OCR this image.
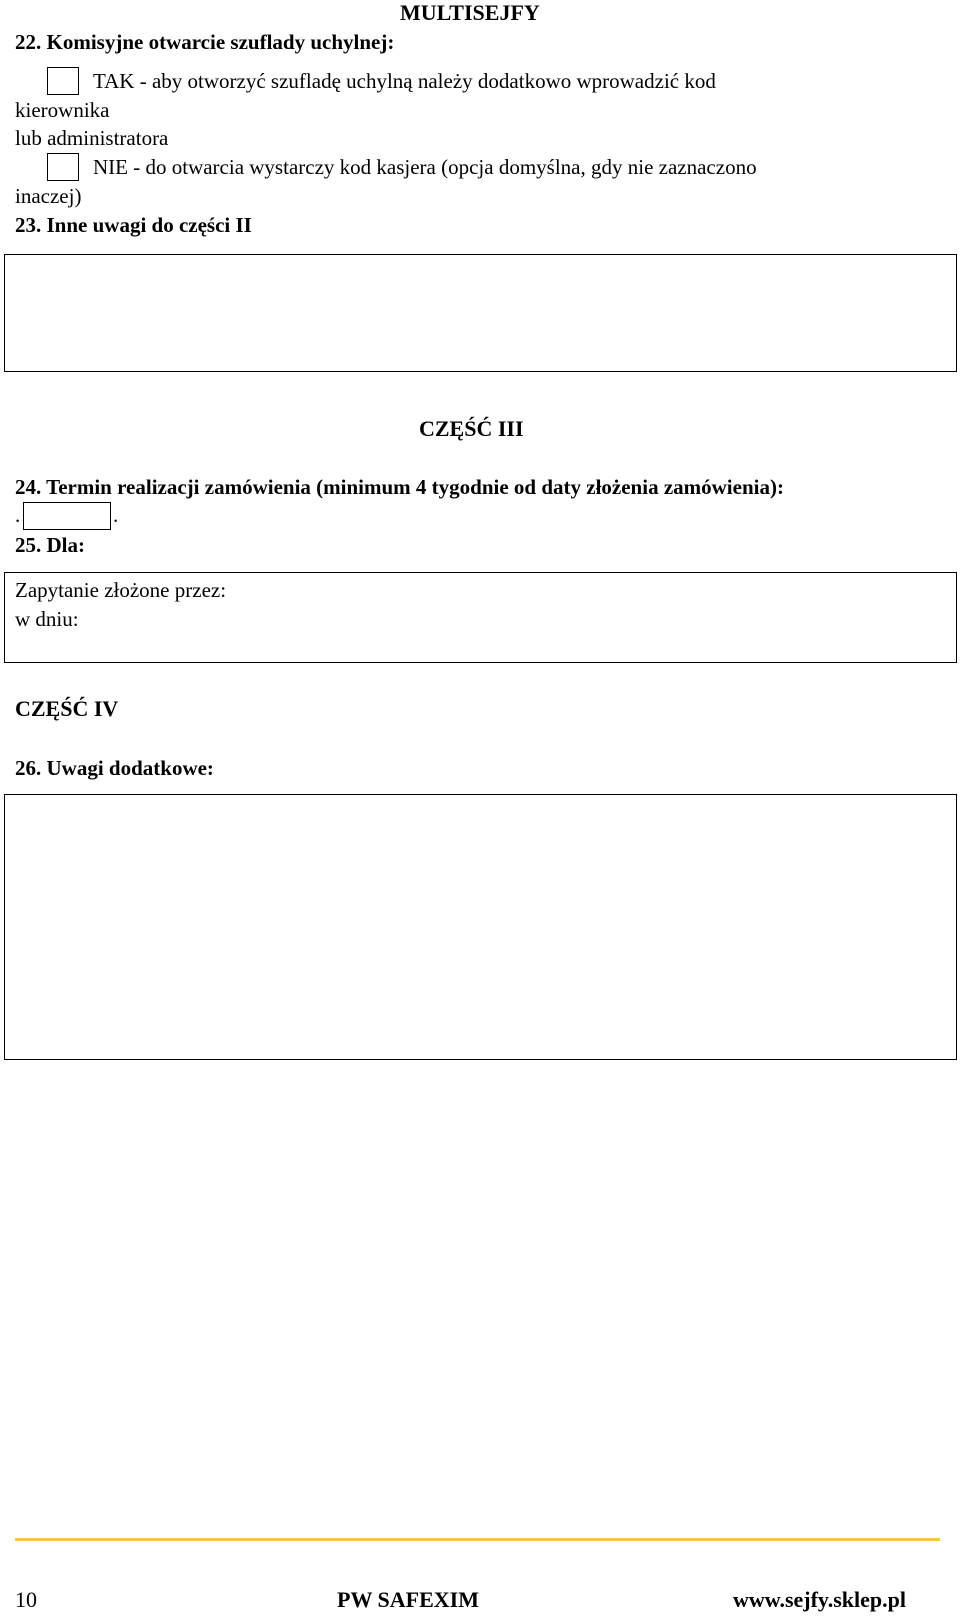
MULTISEJFY
22. Komisyjne otwarcie szuflady uchylnej:
TAK - aby otworzyć szufladę uchylną należy dodatkowo wprowadzić kod
kierownika
lub administratora
NIE - do otwarcia wystarczy kod kasjera (opcja domyślna, gdy nie zaznaczono
inaczej)
23. Inne uwagi do części II
CZĘŚĆ III
24. Termin realizacji zamówienia (minimum 4 tygodnie od daty złożenia zamówienia):
.	.
25. Dla:
Zapytanie złożone przez:
w dniu:
CZĘŚĆ IV
26. Uwagi dodatkowe:
10	PW SAFEXIM	www.sejfy.sklep.pl
